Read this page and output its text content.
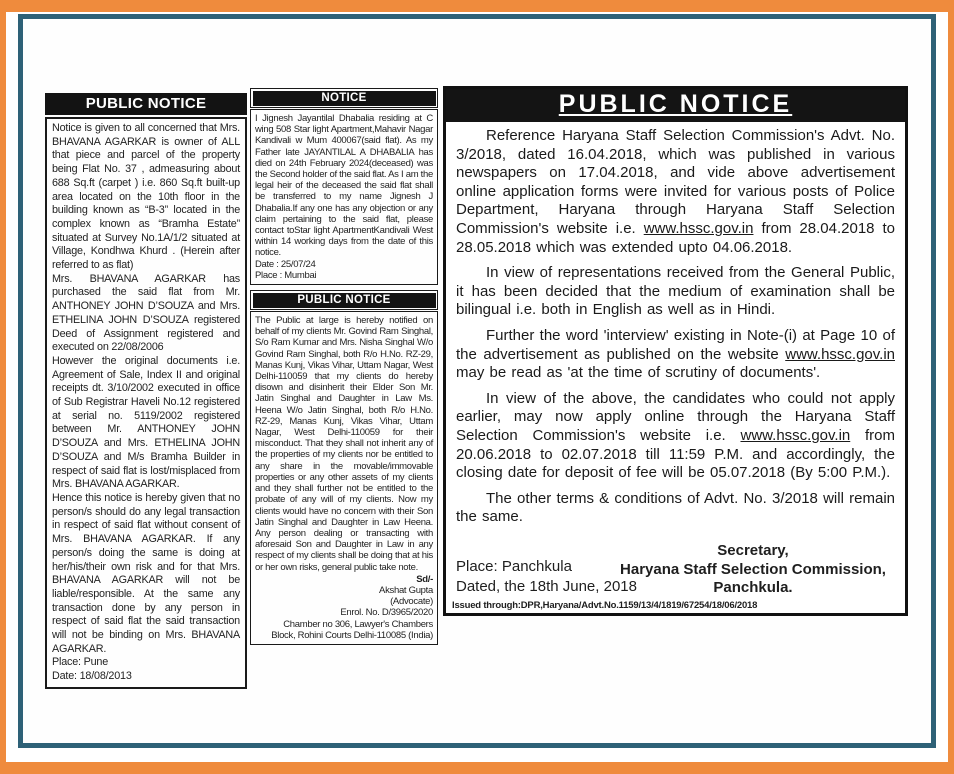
PUBLIC NOTICE

Notice is given to all concerned that Mrs. BHAVANA AGARKAR is owner of ALL that piece and parcel of the property being Flat No. 37 , admeasuring about 688 Sq.ft (carpet ) i.e. 860 Sq.ft built-up area located on the 10th floor in the building known as “B-3” located in the complex known as “Bramha Estate” situated at Survey No.1A/1/2 situated at Village, Kondhwa Khurd . (Herein after referred to as flat)

Mrs. BHAVANA AGARKAR has purchased the said flat from Mr. ANTHONEY JOHN D’SOUZA and Mrs. ETHELINA JOHN D’SOUZA registered Deed of Assignment registered and executed on 22/08/2006

However the original documents i.e. Agreement of Sale, Index II and original receipts dt. 3/10/2002 executed in office of Sub Registrar Haveli No.12 registered at serial no. 5119/2002 registered between Mr. ANTHONEY JOHN D’SOUZA and Mrs. ETHELINA JOHN D’SOUZA and M/s Bramha Builder in respect of said flat is lost/misplaced from Mrs. BHAVANA AGARKAR.

Hence this notice is hereby given that no person/s should do any legal transaction in respect of said flat without consent of Mrs. BHAVANA AGARKAR. If any person/s doing the same is doing at her/his/their own risk and for that Mrs. BHAVANA AGARKAR will not be liable/responsible. At the same any transaction done by any person in respect of said flat the said transaction will not be binding on Mrs. BHAVANA AGARKAR.

Place: Pune
Date: 18/08/2013
NOTICE

I Jignesh Jayantilal Dhabalia residing at C wing 508 Star light Apartment,Mahavir Nagar Kandivali w Mum 400067(said flat). As my Father late JAYANTILAL A DHABALIA has died on 24th February 2024(deceased) was the Second holder of the said flat. As I am the legal heir of the deceased the said flat shall be transferred to my name Jignesh J Dhabalia.If any one has any objection or any claim pertaining to the said flat, please contact toStar light ApartmentKandivali West within 14 working days from the date of this notice.

Date : 25/07/24
Place : Mumbai
PUBLIC NOTICE

The Public at large is hereby notified on behalf of my clients Mr. Govind Ram Singhal, S/o Ram Kumar and Mrs. Nisha Singhal W/o Govind Ram Singhal, both R/o H.No. RZ-29, Manas Kunj, Vikas Vihar, Uttam Nagar, West Delhi-110059 that my clients do hereby disown and disinherit their Elder Son Mr. Jatin Singhal and Daughter in Law Ms. Heena W/o Jatin Singhal, both R/o H.No. RZ-29, Manas Kunj, Vikas Vihar, Uttam Nagar, West Delhi-110059 for their misconduct. That they shall not inherit any of the properties of my clients nor be entitled to any share in the movable/immovable properties or any other assets of my clients and they shall further not be entitled to the probate of any will of my clients. Now my clients would have no concern with their Son Jatin Singhal and Daughter in Law Heena. Any person dealing or transacting with aforesaid Son and Daughter in Law in any respect of my clients shall be doing that at his or her own risks, general public take note.

Sd/-
Akshat Gupta
(Advocate)
Enrol. No. D/3965/2020
Chamber no 306, Lawyer's Chambers
Block, Rohini Courts Delhi-110085 (India)
PUBLIC NOTICE

Reference Haryana Staff Selection Commission's Advt. No. 3/2018, dated 16.04.2018, which was published in various newspapers on 17.04.2018, and vide above advertisement online application forms were invited for various posts of Police Department, Haryana through Haryana Staff Selection Commission's website i.e. www.hssc.gov.in from 28.04.2018 to 28.05.2018 which was extended upto 04.06.2018.

In view of representations received from the General Public, it has been decided that the medium of examination shall be bilingual i.e. both in English as well as in Hindi.

Further the word 'interview' existing in Note-(i) at Page 10 of the advertisement as published on the website www.hssc.gov.in may be read as 'at the time of scrutiny of documents'.

In view of the above, the candidates who could not apply earlier, may now apply online through the Haryana Staff Selection Commission's website i.e. www.hssc.gov.in from 20.06.2018 to 02.07.2018 till 11:59 P.M. and accordingly, the closing date for deposit of fee will be 05.07.2018 (By 5:00 P.M.).

The other terms & conditions of Advt. No. 3/2018 will remain the same.

Secretary,
Haryana Staff Selection Commission,
Panchkula.
Place: Panchkula
Dated, the 18th June, 2018
Issued through:DPR,Haryana/Advt.No.1159/13/4/1819/67254/18/06/2018
